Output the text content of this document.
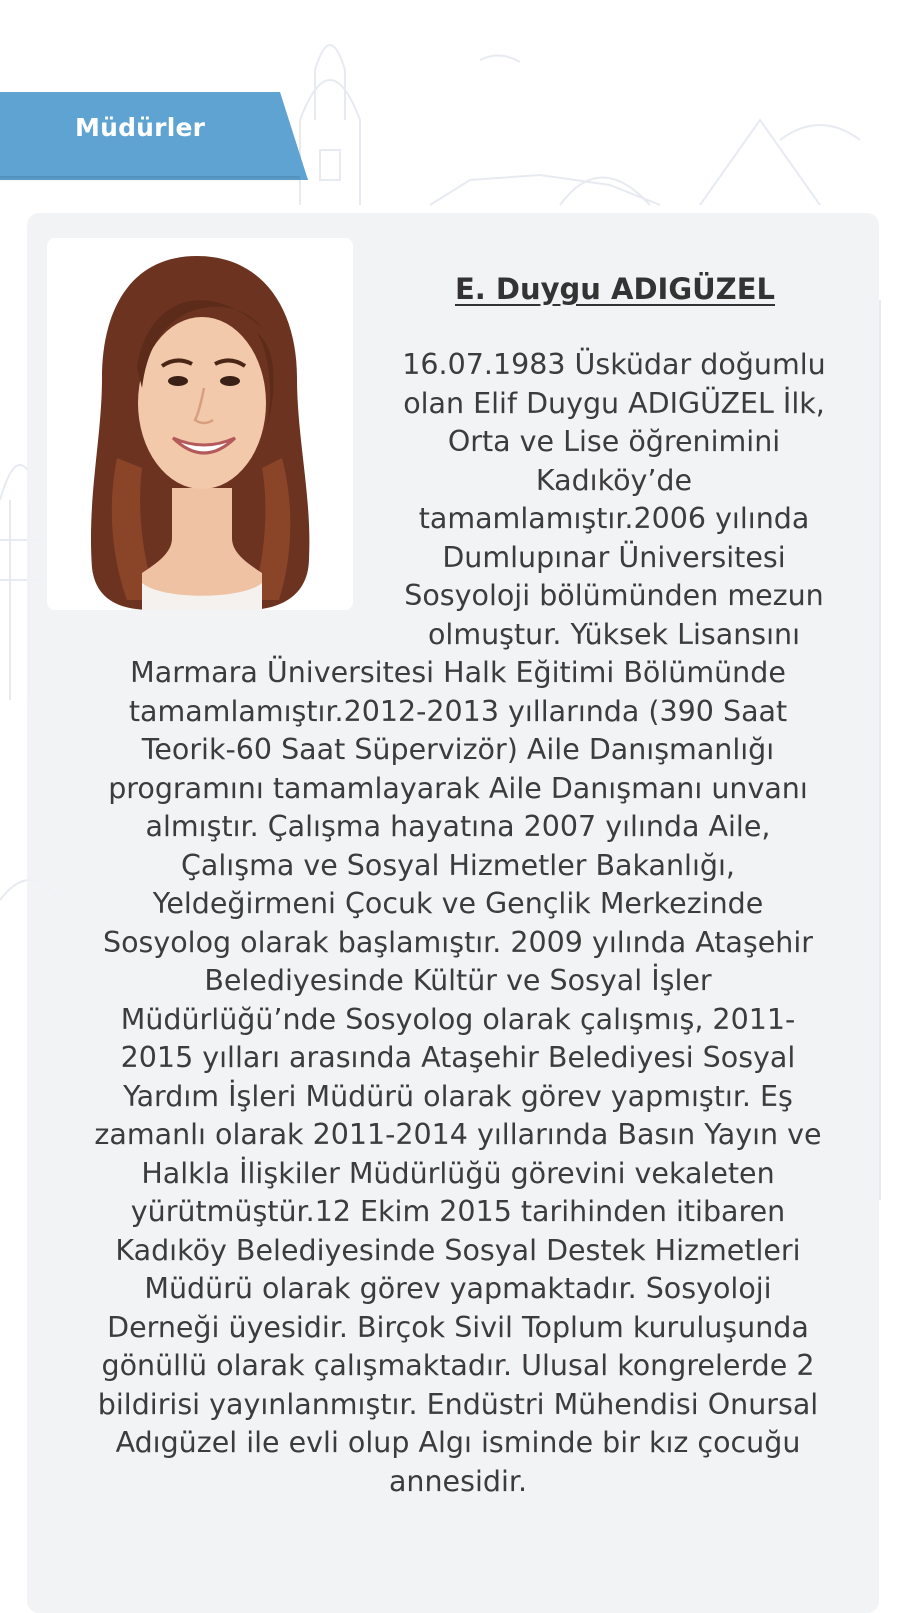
Müdürler
E. Duygu ADIGÜZEL

16.07.1983 Üsküdar doğumlu
olan Elif Duygu ADIGÜZEL İlk,
Orta ve Lise öğrenimini
Kadıköy’de
tamamlamıştır.2006 yılında
Dumlupınar Üniversitesi
Sosyoloji bölümünden mezun
olmuştur. Yüksek Lisansını

Marmara Üniversitesi Halk Eğitimi Bölümünde
tamamlamıştır.2012-2013 yıllarında (390 Saat
Teorik-60 Saat Süpervizör) Aile Danışmanlığı
programını tamamlayarak Aile Danışmanı unvanı
almıştır. Çalışma hayatına 2007 yılında Aile,
Çalışma ve Sosyal Hizmetler Bakanlığı,
Yeldeğirmeni Çocuk ve Gençlik Merkezinde
Sosyolog olarak başlamıştır. 2009 yılında Ataşehir
Belediyesinde Kültür ve Sosyal İşler
Müdürlüğü’nde Sosyolog olarak çalışmış, 2011-
2015 yılları arasında Ataşehir Belediyesi Sosyal
Yardım İşleri Müdürü olarak görev yapmıştır. Eş
zamanlı olarak 2011-2014 yıllarında Basın Yayın ve
Halkla İlişkiler Müdürlüğü görevini vekaleten
yürütmüştür.12 Ekim 2015 tarihinden itibaren
Kadıköy Belediyesinde Sosyal Destek Hizmetleri
Müdürü olarak görev yapmaktadır. Sosyoloji
Derneği üyesidir. Birçok Sivil Toplum kuruluşunda
gönüllü olarak çalışmaktadır. Ulusal kongrelerde 2
bildirisi yayınlanmıştır. Endüstri Mühendisi Onursal
Adıgüzel ile evli olup Algı isminde bir kız çocuğu
annesidir.
